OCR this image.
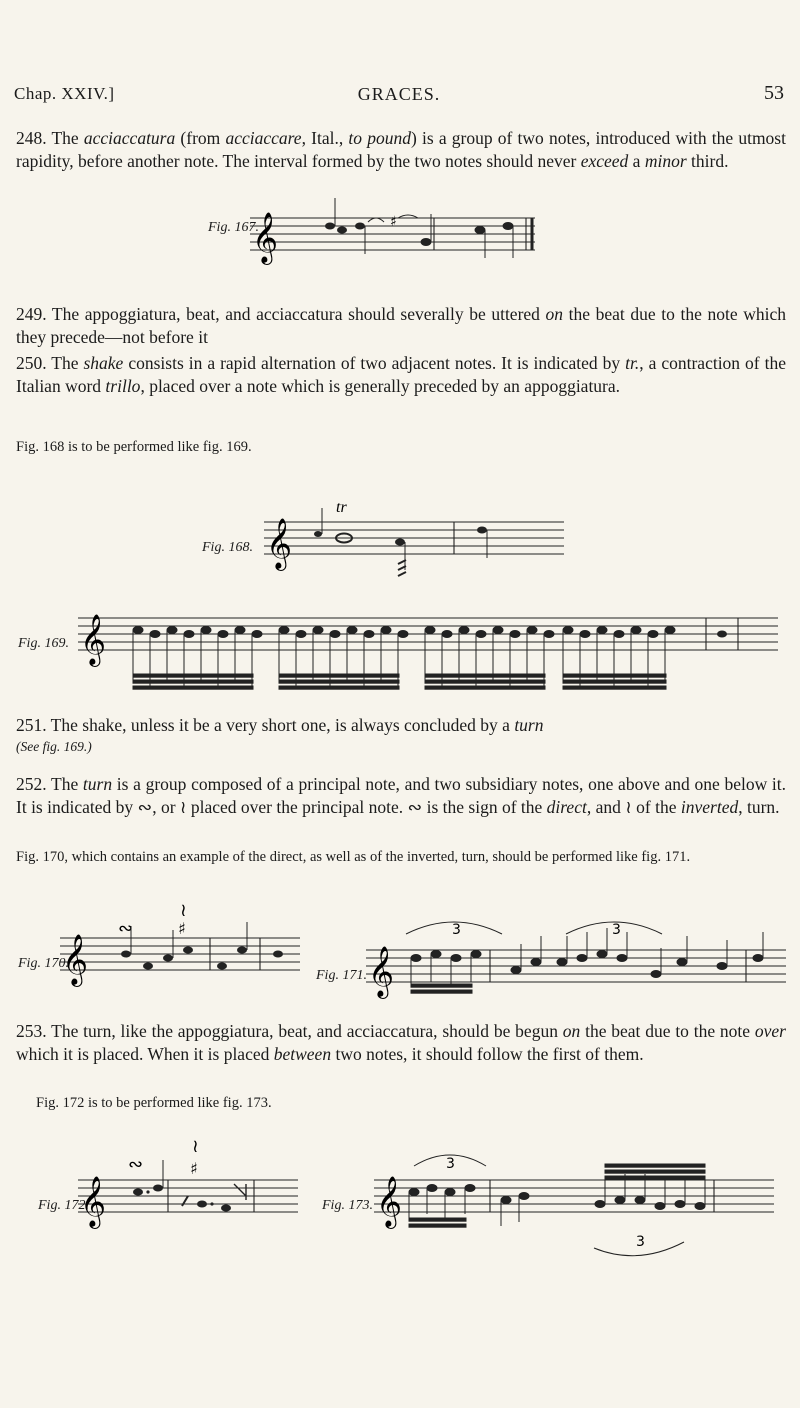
Chap. XXIV.]	GRACES.	53
248. The acciaccatura (from acciaccare, Ital., to pound) is a group of two notes, introduced with the utmost rapidity, before another note. The interval formed by the two notes should never exceed a minor third.
Fig. 167.
𝄞	♯
249. The appoggiatura, beat, and acciaccatura should severally be uttered on the beat due to the note which they precede—not before it
250. The shake consists in a rapid alternation of two adjacent notes. It is indicated by tr., a contraction of the Italian word trillo, placed over a note which is generally preceded by an appoggiatura.
Fig. 168 is to be performed like fig. 169.
Fig. 168. 𝄞
tr
Fig. 169. 𝄞
251. The shake, unless it be a very short one, is always concluded by a turn
(See fig. 169.)
252. The turn is a group composed of a principal note, and two subsidiary notes, one above and one below it. It is indicated by ∾, or ≀ placed over the principal note. ∾ is the sign of the direct, and ≀ of the inverted, turn.
Fig. 170, which contains an example of the direct, as well as of the inverted, turn, should be performed like fig. 171.
Fig. 170.
𝄞
∾
≀
♯
Fig. 171. 𝄞
3	3
253. The turn, like the appoggiatura, beat, and acciaccatura, should be begun on the beat due to the note over which it is placed. When it is placed between two notes, it should follow the first of them.
Fig. 172 is to be performed like fig. 173.
Fig. 172.
𝄞
∾
≀
♯
Fig. 173. 𝄞
3
3
